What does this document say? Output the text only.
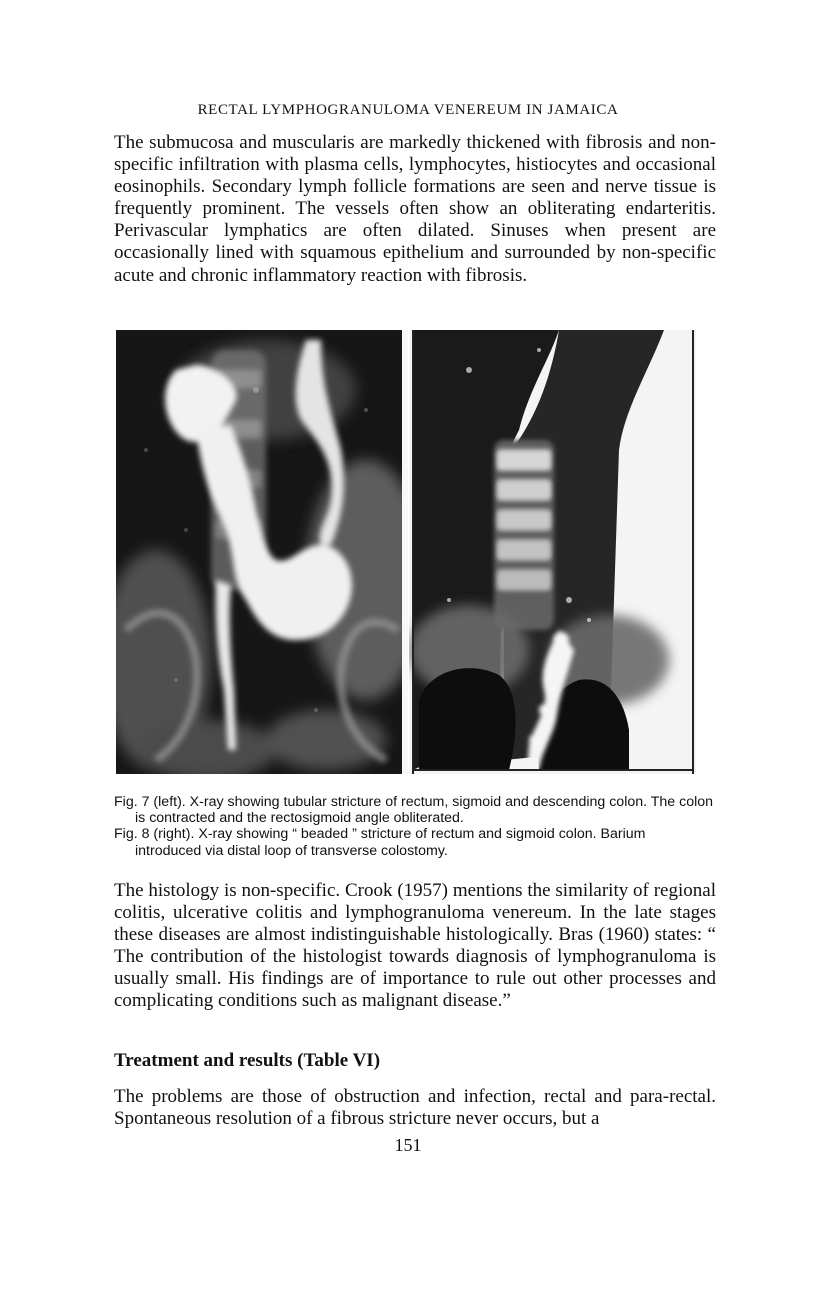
RECTAL LYMPHOGRANULOMA VENEREUM IN JAMAICA

The submucosa and muscularis are markedly thickened with fibrosis and non-specific infiltration with plasma cells, lymphocytes, histiocytes and occasional eosinophils. Secondary lymph follicle formations are seen and nerve tissue is frequently prominent. The vessels often show an obliterating endarteritis. Perivascular lymphatics are often dilated. Sinuses when present are occasionally lined with squamous epithelium and surrounded by non-specific acute and chronic inflammatory reaction with fibrosis.

Fig. 7 (left). X-ray showing tubular stricture of rectum, sigmoid and descending colon. The colon is contracted and the rectosigmoid angle obliterated.

Fig. 8 (right). X-ray showing “ beaded ” stricture of rectum and sigmoid colon. Barium introduced via distal loop of transverse colostomy.

The histology is non-specific. Crook (1957) mentions the similarity of regional colitis, ulcerative colitis and lymphogranuloma venereum. In the late stages these diseases are almost indistinguishable histologically. Bras (1960) states: “ The contribution of the histologist towards diagnosis of lymphogranuloma is usually small. His findings are of importance to rule out other processes and complicating conditions such as malignant disease.”

Treatment and results (Table VI)

The problems are those of obstruction and infection, rectal and para-rectal. Spontaneous resolution of a fibrous stricture never occurs, but a

151
